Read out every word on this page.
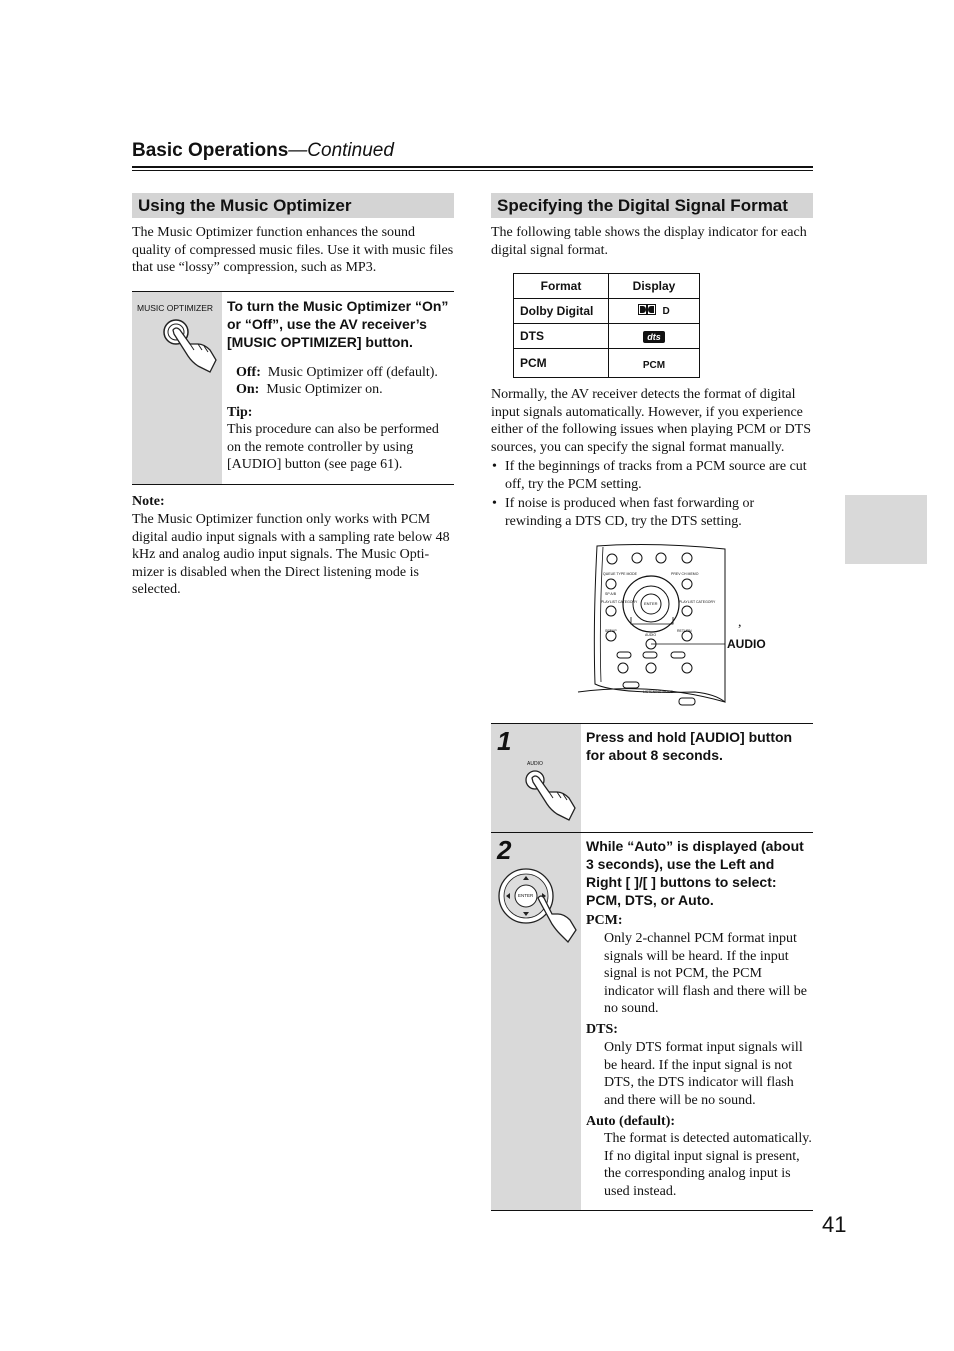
Basic Operations—Continued
Using the Music Optimizer
The Music Optimizer function enhances the sound quality of compressed music files. Use it with music files that use “lossy” compression, such as MP3.
MUSIC OPTIMIZER To turn the Music Optimizer “On” or “Off”, use the AV receiver’s [MUSIC OPTIMIZER] button.
Off: Music Optimizer off (default).
On: Music Optimizer on.
Tip:
This procedure can also be performed on the remote controller by using [AUDIO] button (see page 61).
Note:
The Music Optimizer function only works with PCM digital audio input signals with a sampling rate below 48 kHz and analog audio input signals. The Music Opti-mizer is disabled when the Direct listening mode is selected.
Specifying the Digital Signal Format
The following table shows the display indicator for each digital signal format.
Format	Display
Dolby Digital	D
DTS	dts
PCM	PCM
Normally, the AV receiver detects the format of digital input signals automatically. However, if you experience either of the following issues when playing PCM or DTS sources, you can specify the signal format manually.
• If the beginnings of tracks from a PCM source are cut off, try the PCM setting.
• If noise is produced when fast forwarding or rewinding a DTS CD, try the DTS setting.
QUEUE TYPE MODE	PREV CH MEMO
SP A/B
PLAYLIST CATEGORY	PLAYLIST CATEGORY
ENTER
SETUP	RETURN
AUDIO
LISTENING MODE
,
AUDIO
1
AUDIO
Press and hold [AUDIO] button for about 8 seconds.
2
ENTER
While “Auto” is displayed (about 3 seconds), use the Left and Right [ ]/[ ] buttons to select: PCM, DTS, or Auto.
PCM:
Only 2-channel PCM format input signals will be heard. If the input signal is not PCM, the PCM indicator will flash and there will be no sound.
DTS:
Only DTS format input signals will be heard. If the input signal is not DTS, the DTS indicator will flash and there will be no sound.
Auto (default):
The format is detected automatically. If no digital input signal is present, the corresponding analog input is used instead.
41
